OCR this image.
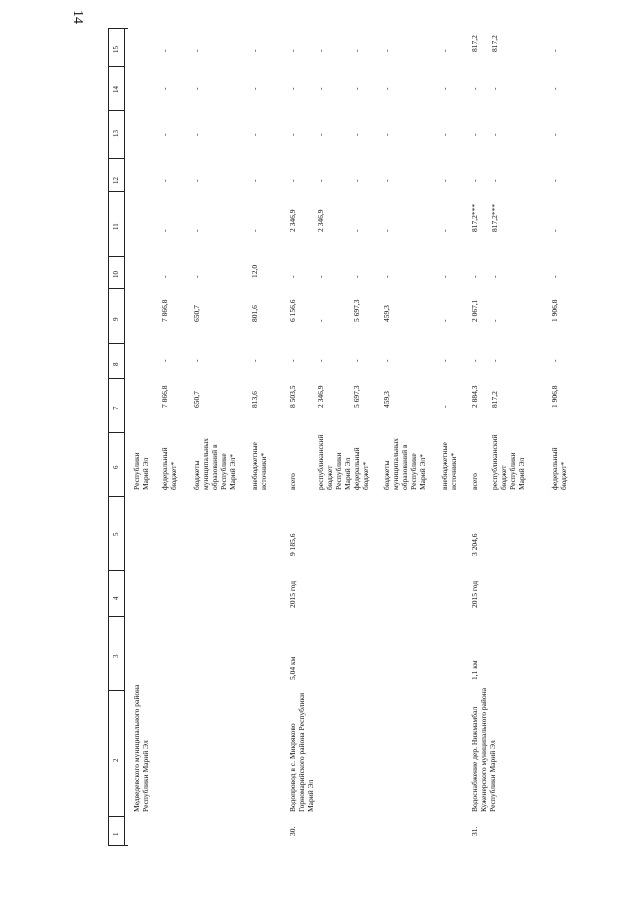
14
1
2
3
4
5
6
7
8
9
10
11
12
13
14
15
Медведевского муниципального района Республики Марий Эл
Республики Марий Эл федеральный бюджет*
7 866,8
-
7 866,8
-
-
-
-
-
-
бюджеты муниципальных образований в Республике Марий Эл*
650,7
-
650,7
-
-
-
-
-
-
внебюджетные источники*
813,6
-
801,6
12,0
-
-
-
-
-
30.
Водопровод в с. Микряково Горномарийского района Республики Марий Эл
5,04 км
2015 год
9 185,6
всего
8 503,5
-
6 156,6
-
2 346,9
-
-
-
-
республиканский бюджет Республики Марий Эл
2 346,9
-
-
-
2 346,9
-
-
-
-
федеральный бюджет*
5 697,3
-
5 697,3
-
-
-
-
-
-
бюджеты муниципальных образований в Республике Марий Эл*
459,3
-
459,3
-
-
-
-
-
-
внебюджетные источники*
-
-
-
-
-
-
-
-
-
31.
Водоснабжение дер. Нижмамбал Куженерского муниципального района Республики Марий Эл
1,1 км
2015 год
3 204,6
всего
2 884,3
-
2 067,1
-
817,2***
-
-
-
817,2
республиканский бюджет Республики Марий Эл
817,2
-
-
-
817,2***
-
-
-
817,2
федеральный бюджет*
1 906,8
-
1 906,8
-
-
-
-
-
-
